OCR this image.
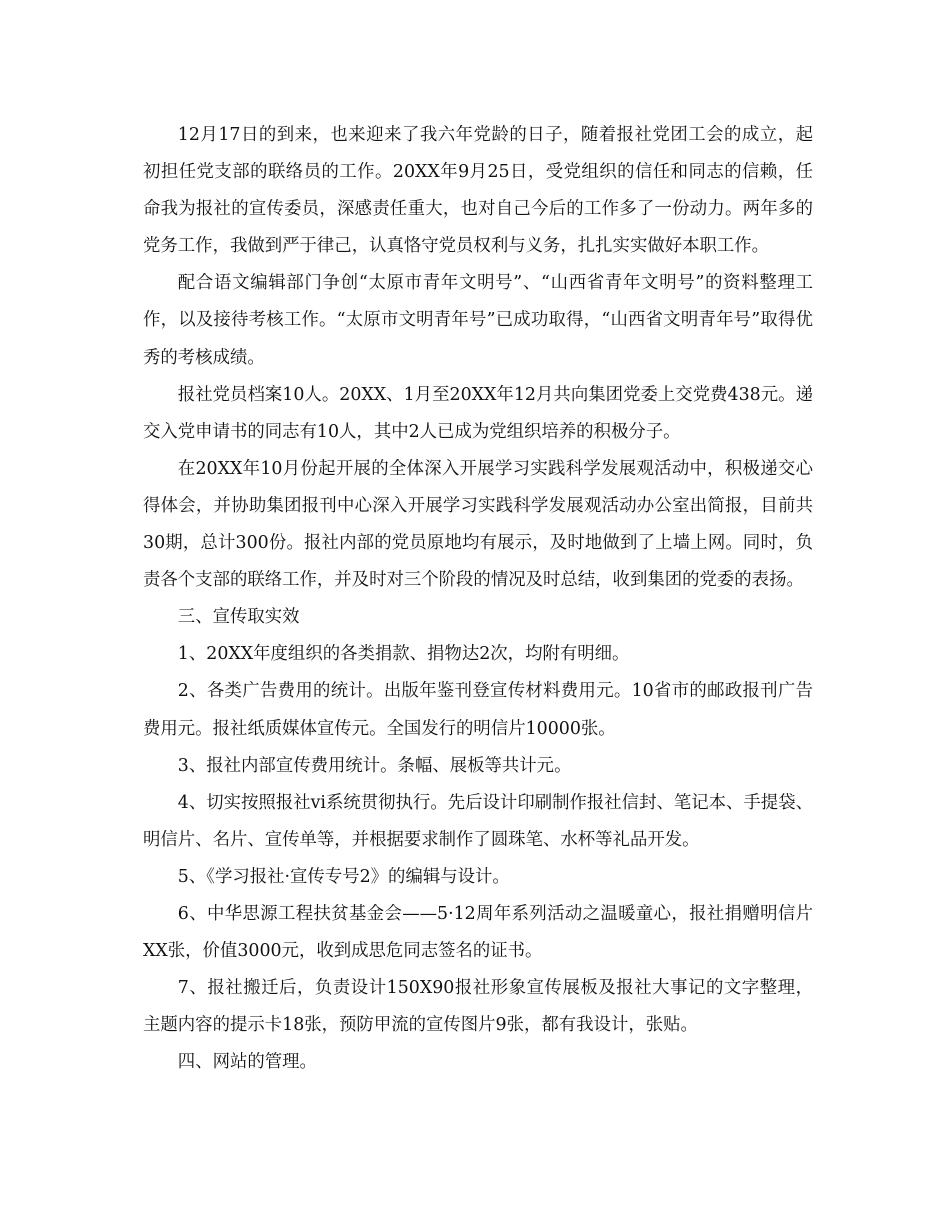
12月17日的到来，也来迎来了我六年党龄的日子，随着报社党团工会的成立，起初担任党支部的联络员的工作。20XX年9月25日，受党组织的信任和同志的信赖，任命我为报社的宣传委员，深感责任重大，也对自己今后的工作多了一份动力。两年多的党务工作，我做到严于律己，认真恪守党员权利与义务，扎扎实实做好本职工作。

配合语文编辑部门争创“太原市青年文明号”、“山西省青年文明号”的资料整理工作，以及接待考核工作。“太原市文明青年号”已成功取得，“山西省文明青年号”取得优秀的考核成绩。

报社党员档案10人。20XX、1月至20XX年12月共向集团党委上交党费438元。递交入党申请书的同志有10人，其中2人已成为党组织培养的积极分子。

在20XX年10月份起开展的全体深入开展学习实践科学发展观活动中，积极递交心得体会，并协助集团报刊中心深入开展学习实践科学发展观活动办公室出简报，目前共30期，总计300份。报社内部的党员原地均有展示，及时地做到了上墙上网。同时，负责各个支部的联络工作，并及时对三个阶段的情况及时总结，收到集团的党委的表扬。

三、宣传取实效

1、20XX年度组织的各类捐款、捐物达2次，均附有明细。

2、各类广告费用的统计。出版年鉴刊登宣传材料费用元。10省市的邮政报刊广告费用元。报社纸质媒体宣传元。全国发行的明信片10000张。

3、报社内部宣传费用统计。条幅、展板等共计元。

4、切实按照报社vi系统贯彻执行。先后设计印刷制作报社信封、笔记本、手提袋、明信片、名片、宣传单等，并根据要求制作了圆珠笔、水杯等礼品开发。

5、《学习报社·宣传专号2》的编辑与设计。

6、中华思源工程扶贫基金会——5·12周年系列活动之温暖童心，报社捐赠明信片XX张，价值3000元，收到成思危同志签名的证书。

7、报社搬迁后，负责设计150X90报社形象宣传展板及报社大事记的文字整理，主题内容的提示卡18张，预防甲流的宣传图片9张，都有我设计，张贴。

四、网站的管理。
